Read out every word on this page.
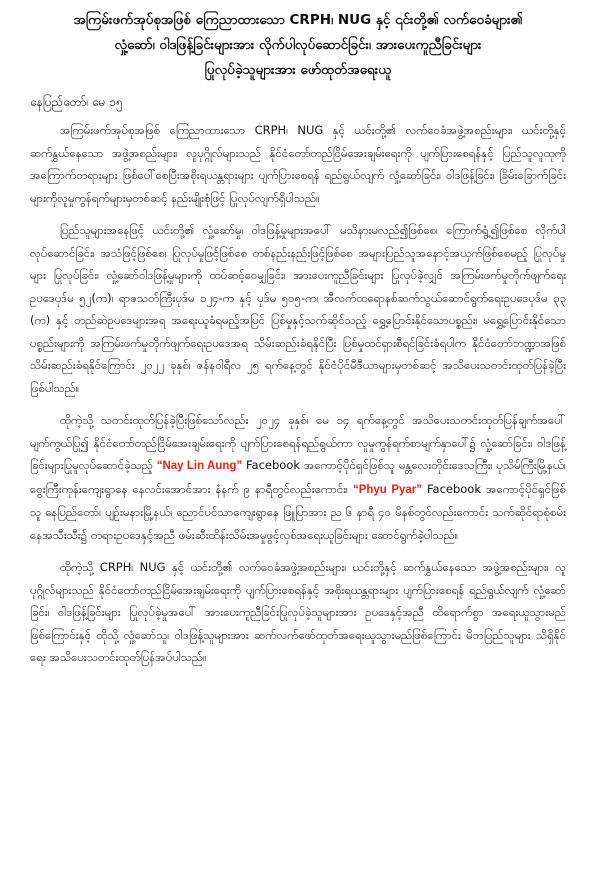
အကြမ်းဖက်အုပ်စုအဖြစ် ကြေညာထားသော CRPH၊ NUG နှင့် ၎င်းတို့၏ လက်ဝေခံများ၏
လှုံ့ဆော်၊ ဝါဒဖြန့်ခြင်းများအား လိုက်ပါလုပ်ဆောင်ခြင်း၊ အားပေးကူညီခြင်းများ
ပြုလုပ်ခဲ့သူများအား ဖော်ထုတ်အရေးယူ
နေပြည်တော်၊ မေ ၁၅

အကြမ်းဖက်အုပ်စုအဖြစ် ကြေညာထားသော CRPH၊ NUG နှင့် ယင်းတို့၏ လက်ဝေခံအဖွဲ့အစည်းများ၊ ယင်းတို့နှင့် ဆက်နွှယ်နေသော အဖွဲ့အစည်းများ၊ လူပုဂ္ဂိုလ်များသည် နိုင်ငံတော်တည်ငြိမ်အေးချမ်းရေးကို ပျက်ပြားစေရန်နှင့် ပြည်သူလူထုကို အကြောက်တရားများ ဖြစ်ပေါ်စေပြီးအစိုးရယန္တရားများ ပျက်ပြားစေရန် ရည်ရွယ်လျက် လှုံ့ဆော်ခြင်း၊ ဝါဒဖြန့်ခြင်း၊ ခြိမ်းခြောက်ခြင်းများကိုလူမှုကွန်ရက်များမှတစ်ဆင့် နည်းမျိုးစုံဖြင့် ပြုလုပ်လျက်ရှိပါသည်။

ပြည်သူများအနေဖြင့် ယင်းတို့၏ လှုံ့ဆော်မှု၊ ဝါဒဖြန့်မှုများအပေါ် မသိနားမလည်၍ဖြစ်စေ၊ ကြောက်ရွံ့၍ဖြစ်စေ လိုက်ပါလုပ်ဆောင်ခြင်း၊ အသံဖြင့်ဖြစ်စေ၊ ပြုလုပ်မှုဖြင့်ဖြစ်စေ တစ်နည်းနည်းဖြင့်ဖြစ်စေ အများပြည်သူအနောင့်အယှက်ဖြစ်စေမည့် ပြုလုပ်မှုများ ပြုလုပ်ခြင်း၊ လှုံ့ဆော်ဝါဒဖြန့်မှုများကို ထပ်ဆင့်ဝေမျှခြင်း၊ အားပေးကူညီခြင်းများ ပြုလုပ်ခဲ့လျှင် အကြမ်းဖက်မှုတိုက်ဖျက်ရေးဥပဒေပုဒ်မ ၅၂(က)၊ ရာဇသတ်ကြီးပုဒ်မ ၁၂၄-က နှင့် ပုဒ်မ ၅၀၅-က၊ အီလက်ထရောနစ်ဆက်သွယ်ဆောင်ရွက်ရေးဥပဒေပုဒ်မ ၃၃ (က) နှင့် တည်ဆဲဥပဒေများအရ အရေးယူခံရမည့်အပြင် ပြစ်မှုနှင့်သက်ဆိုင်သည့် ရွှေ့ပြောင်းနိုင်သောပစ္စည်း၊ မရွှေ့ပြောင်းနိုင်သောပစ္စည်းများကို အကြမ်းဖက်မှုတိုက်ဖျက်ရေးဥပဒေအရ သိမ်းဆည်းခံရနိုင်ပြီး ပြစ်မှုထင်ရှားစီရင်ခြင်းခံရပါက နိုင်ငံတော်ဘဏ္ဍာအဖြစ် သိမ်းဆည်းခံရနိုင်ကြောင်း ၂၀၂၂ ခုနှစ်၊ ဇန်နဝါရီလ ၂၅ ရက်နေ့တွင် နိုင်ငံပိုင်မီဒီယာများမှတစ်ဆင့် အသိပေးသတင်းထုတ်ပြန်ခဲ့ပြီး ဖြစ်ပါသည်။

ထိုကဲ့သို့ သတင်းထုတ်ပြန်ခဲ့ပြီးဖြစ်သော်လည်း ၂၀၂၄ ခုနှစ်၊ မေ ၁၄ ရက်နေ့တွင် အသိပေးသတင်းထုတ်ပြန်ချက်အပေါ် မျက်ကွယ်ပြု၍ နိုင်ငံတော်တည်ငြိမ်အေးချမ်းရေးကို ပျက်ပြားစေရန်ရည်ရွယ်ကာ လူမှုကွန်ရက်စာမျက်နှာပေါ်၌ လှုံ့ဆော်ခြင်း၊ ဝါဒဖြန့်ခြင်းများပြုမူလုပ်ဆောင်ခဲ့သည့် “Nay Lin Aung” Facebook အကောင့်ပိုင်ရှင်ဖြစ်သူ မန္တလေးတိုင်းဒေသကြီး၊ ပုသိမ်ကြီးမြို့နယ်၊ ဝွေးကြီးကုန်းကျေးရွာနေ နေလင်းအောင်အား နံနက် ၉ နာရီတွင်လည်းကောင်း၊ “Phyu Pyar” Facebook အကောင့်ပိုင်ရှင်ဖြစ်သူ နေပြည်တော်၊ ပျဉ်းမနားမြို့နယ်၊ ညောင်ပင်သာကျေးရွာနေ ဖြူပြာအား ည ၆ နာရီ ၄၀ မိနစ်တွင်လည်းကောင်း သက်ဆိုင်ရာစုံစမ်းနေအသီးသီး၌ တရားဥပဒေနှင့်အညီ ဖမ်းဆီးထိန်းသိမ်းအမှုဖွင့်လှစ်အရေးယူခြင်းများ ဆောင်ရွက်ခဲ့ပါသည်။

ထိုကဲ့သို့ CRPH၊ NUG နှင့် ယင်းတို့၏ လက်ဝေခံအဖွဲ့အစည်းများ၊ ယင်းတို့နှင့် ဆက်နွှယ်နေသော အဖွဲ့အစည်းများ၊ လူပုဂ္ဂိုလ်များသည် နိုင်ငံတော်တည်ငြိမ်အေးချမ်းရေးကို ပျက်ပြားစေရန်နှင့် အစိုးရယန္တရားများ ပျက်ပြားစေရန် ရည်ရွယ်လျက် လှုံ့ဆော်ခြင်း၊ ဝါဒဖြန့်ခြင်းများ ပြုလုပ်ခဲ့မှုအပေါ် အားပေးကူညီခြင်းပြုလုပ်ခဲ့သူများအား ဥပဒေနှင့်အညီ ထိရောက်စွာ အရေးယူသွားမည်ဖြစ်ကြောင်းနှင့် ထိုသို့ လှုံ့ဆော်သူ၊ ဝါဒဖြန့်သူများအား ဆက်လက်ဖော်ထုတ်အရေးယူသွားမည်ဖြစ်ကြောင်း မိဘပြည်သူများ သိရှိနိုင်ရေး အသိပေးသတင်းထုတ်ပြန်အပ်ပါသည်။
